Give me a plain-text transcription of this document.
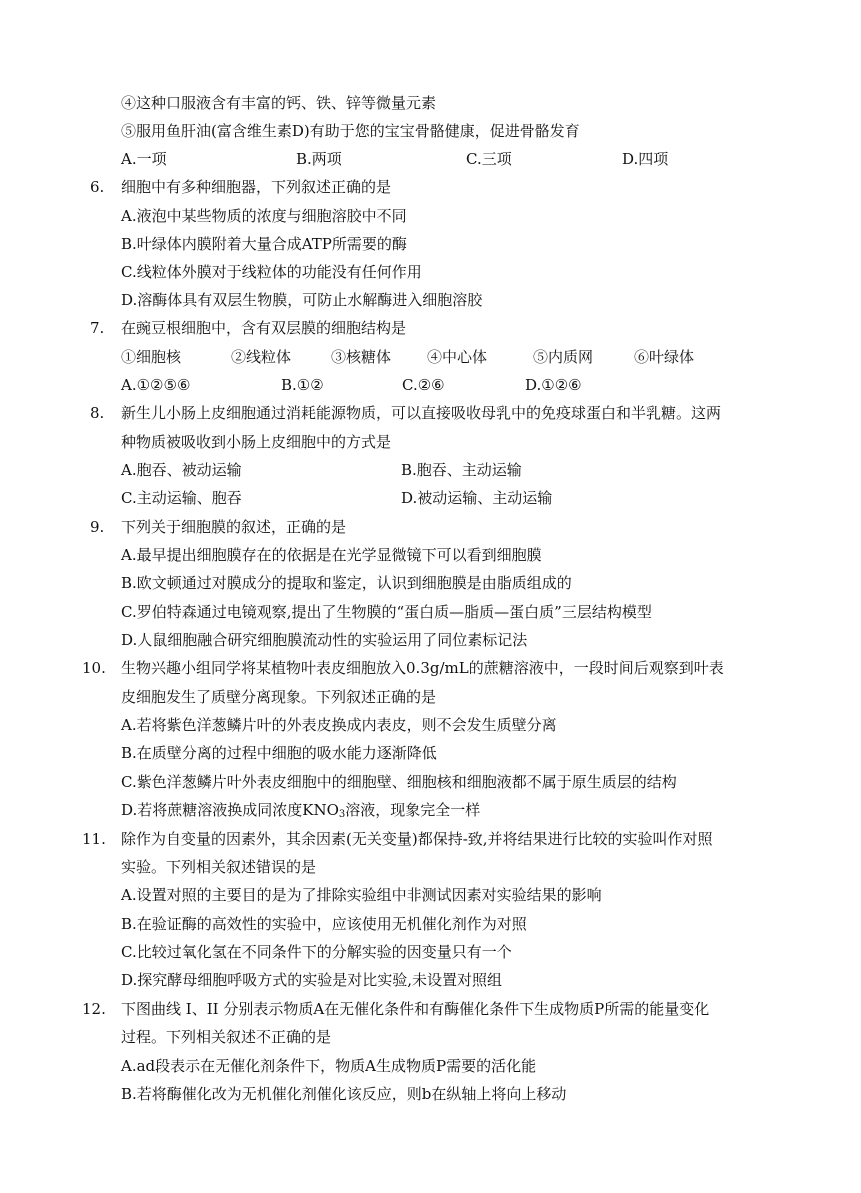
④这种口服液含有丰富的钙、铁、锌等微量元素
⑤服用鱼肝油(富含维生素D)有助于您的宝宝骨骼健康，促进骨骼发育
A.一项	B.两项	C.三项	D.四项
6. 细胞中有多种细胞器，下列叙述正确的是
A.液泡中某些物质的浓度与细胞溶胶中不同
B.叶绿体内膜附着大量合成ATP所需要的酶
C.线粒体外膜对于线粒体的功能没有任何作用
D.溶酶体具有双层生物膜，可防止水解酶进入细胞溶胶
7. 在豌豆根细胞中，含有双层膜的细胞结构是
①细胞核	②线粒体	③核糖体 ④中心体	⑤内质网	⑥叶绿体
A.①②⑤⑥	B.①②	C.②⑥	D.①②⑥
8. 新生儿小肠上皮细胞通过消耗能源物质，可以直接吸收母乳中的免疫球蛋白和半乳糖。这两
种物质被吸收到小肠上皮细胞中的方式是
A.胞吞、被动运输	B.胞吞、主动运输
C.主动运输、胞吞	D.被动运输、主动运输
9. 下列关于细胞膜的叙述，正确的是
A.最早提出细胞膜存在的依据是在光学显微镜下可以看到细胞膜
B.欧文顿通过对膜成分的提取和鉴定，认识到细胞膜是由脂质组成的
C.罗伯特森通过电镜观察,提出了生物膜的“蛋白质—脂质—蛋白质”三层结构模型
D.人鼠细胞融合研究细胞膜流动性的实验运用了同位素标记法
10. 生物兴趣小组同学将某植物叶表皮细胞放入0.3g/mL的蔗糖溶液中，一段时间后观察到叶表
皮细胞发生了质壁分离现象。下列叙述正确的是
A.若将紫色洋葱鳞片叶的外表皮换成内表皮，则不会发生质壁分离
B.在质壁分离的过程中细胞的吸水能力逐渐降低
C.紫色洋葱鳞片叶外表皮细胞中的细胞壁、细胞核和细胞液都不属于原生质层的结构
D.若将蔗糖溶液换成同浓度$KNO_3$溶液，现象完全一样
11. 除作为自变量的因素外，其余因素(无关变量)都保持-致,并将结果进行比较的实验叫作对照
实验。下列相关叙述错误的是
A.设置对照的主要目的是为了排除实验组中非测试因素对实验结果的影响
B.在验证酶的高效性的实验中，应该使用无机催化剂作为对照
C.比较过氧化氢在不同条件下的分解实验的因变量只有一个
D.探究酵母细胞呼吸方式的实验是对比实验,未设置对照组
12. 下图曲线 I、II 分别表示物质A在无催化条件和有酶催化条件下生成物质P所需的能量变化
过程。下列相关叙述不正确的是
A.ad段表示在无催化剂条件下，物质A生成物质P需要的活化能
B.若将酶催化改为无机催化剂催化该反应，则b在纵轴上将向上移动
